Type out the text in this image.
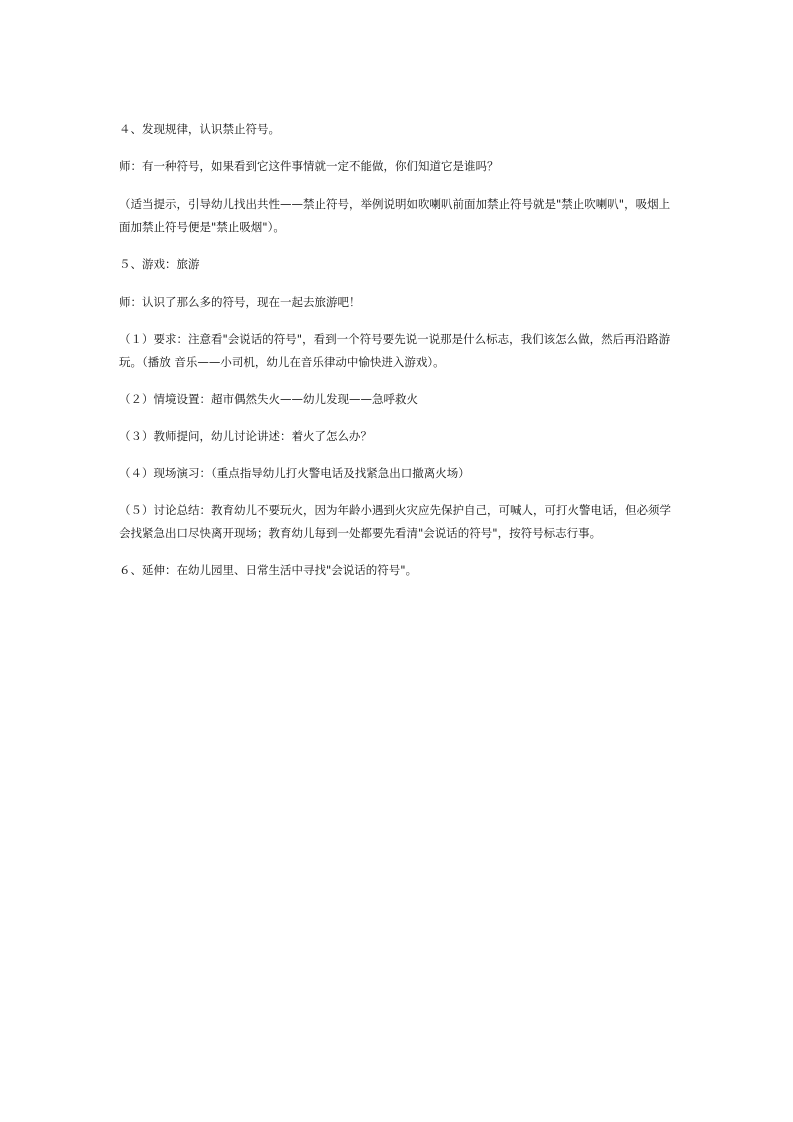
４、发现规律，认识禁止符号。

师：有一种符号，如果看到它这件事情就一定不能做，你们知道它是谁吗？

（适当提示，引导幼儿找出共性——禁止符号，举例说明如吹喇叭前面加禁止符号就是"禁止吹喇叭"，吸烟上面加禁止符号便是"禁止吸烟"）。

５、游戏：旅游

师：认识了那么多的符号，现在一起去旅游吧！

（１）要求：注意看"会说话的符号"，看到一个符号要先说一说那是什么标志，我们该怎么做，然后再沿路游玩。（播放 音乐——小司机，幼儿在音乐律动中愉快进入游戏）。

（２）情境设置：超市偶然失火——幼儿发现——急呼救火

（３）教师提问，幼儿讨论讲述：着火了怎么办？

（４）现场演习：（重点指导幼儿打火警电话及找紧急出口撤离火场）

（５）讨论总结：教育幼儿不要玩火，因为年龄小遇到火灾应先保护自己，可喊人，可打火警电话，但必须学会找紧急出口尽快离开现场；教育幼儿每到一处都要先看清"会说话的符号"，按符号标志行事。

６、延伸：在幼儿园里、日常生活中寻找"会说话的符号"。
